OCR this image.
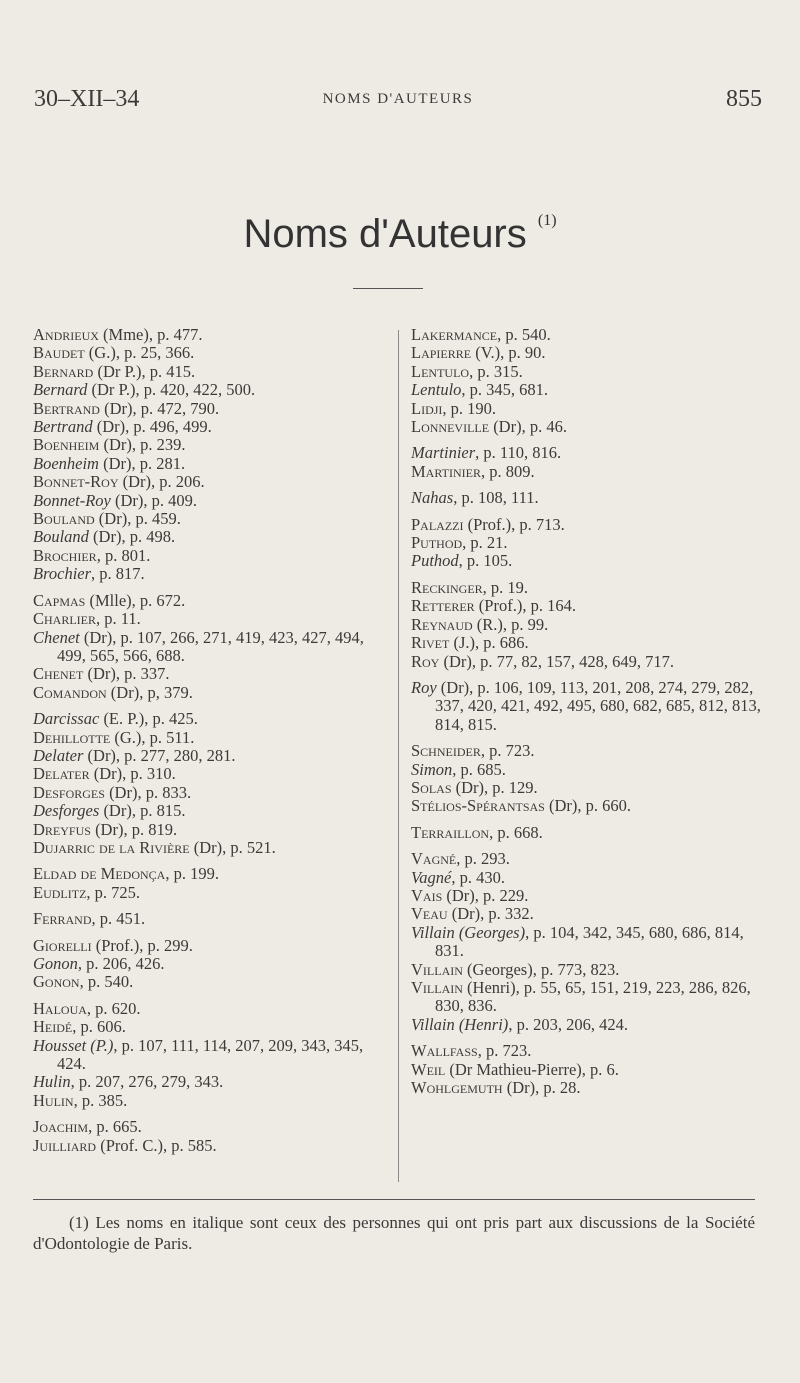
30–XII–34	NOMS D'AUTEURS	855
Noms d'Auteurs $^{(1)}$
Andrieux (Mme), p. 477.
Baudet (G.), p. 25, 366.
Bernard (Dr P.), p. 415.
Bernard (Dr P.), p. 420, 422, 500.
Bertrand (Dr), p. 472, 790.
Bertrand (Dr), p. 496, 499.
Boenheim (Dr), p. 239.
Boenheim (Dr), p. 281.
Bonnet-Roy (Dr), p. 206.
Bonnet-Roy (Dr), p. 409.
Bouland (Dr), p. 459.
Bouland (Dr), p. 498.
Brochier, p. 801.
Brochier, p. 817.
Capmas (Mlle), p. 672.
Charlier, p. 11.
Chenet (Dr), p. 107, 266, 271, 419, 423, 427, 494, 499, 565, 566, 688.
Chenet (Dr), p. 337.
Comandon (Dr), p, 379.
Darcissac (E. P.), p. 425.
Dehillotte (G.), p. 511.
Delater (Dr), p. 277, 280, 281.
Delater (Dr), p. 310.
Desforges (Dr), p. 833.
Desforges (Dr), p. 815.
Dreyfus (Dr), p. 819.
Dujarric de la Rivière (Dr), p. 521.
Eldad de Medonça, p. 199.
Eudlitz, p. 725.
Ferrand, p. 451.
Giorelli (Prof.), p. 299.
Gonon, p. 206, 426.
Gonon, p. 540.
Haloua, p. 620.
Heidé, p. 606.
Housset (P.), p. 107, 111, 114, 207, 209, 343, 345, 424.
Hulin, p. 207, 276, 279, 343.
Hulin, p. 385.
Joachim, p. 665.
Juilliard (Prof. C.), p. 585.
Lakermance, p. 540.
Lapierre (V.), p. 90.
Lentulo, p. 315.
Lentulo, p. 345, 681.
Lidji, p. 190.
Lonneville (Dr), p. 46.
Martinier, p. 110, 816.
Martinier, p. 809.
Nahas, p. 108, 111.
Palazzi (Prof.), p. 713.
Puthod, p. 21.
Puthod, p. 105.
Reckinger, p. 19.
Retterer (Prof.), p. 164.
Reynaud (R.), p. 99.
Rivet (J.), p. 686.
Roy (Dr), p. 77, 82, 157, 428, 649, 717.
Roy (Dr), p. 106, 109, 113, 201, 208, 274, 279, 282, 337, 420, 421, 492, 495, 680, 682, 685, 812, 813, 814, 815.
Schneider, p. 723.
Simon, p. 685.
Solas (Dr), p. 129.
Stélios-Spérantsas (Dr), p. 660.
Terraillon, p. 668.
Vagné, p. 293.
Vagné, p. 430.
Vais (Dr), p. 229.
Veau (Dr), p. 332.
Villain (Georges), p. 104, 342, 345, 680, 686, 814, 831.
Villain (Georges), p. 773, 823.
Villain (Henri), p. 55, 65, 151, 219, 223, 286, 826, 830, 836.
Villain (Henri), p. 203, 206, 424.
Wallfass, p. 723.
Weil (Dr Mathieu-Pierre), p. 6.
Wohlgemuth (Dr), p. 28.
(1) Les noms en italique sont ceux des personnes qui ont pris part aux discussions de la Société d'Odontologie de Paris.
